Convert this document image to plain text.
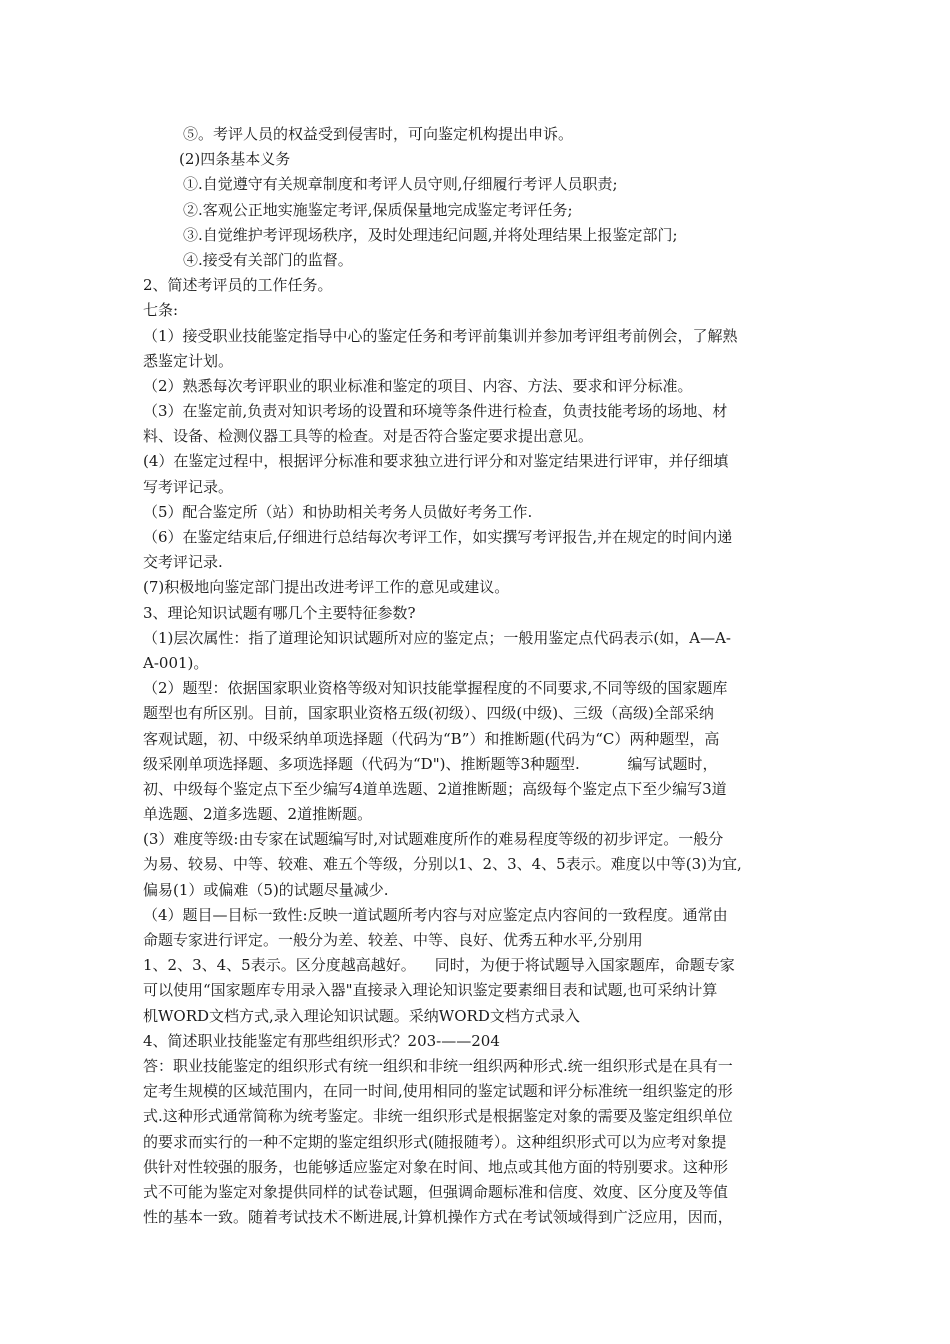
⑤。考评人员的权益受到侵害时，可向鉴定机构提出申诉。
(2)四条基本义务
①.自觉遵守有关规章制度和考评人员守则,仔细履行考评人员职责;
②.客观公正地实施鉴定考评,保质保量地完成鉴定考评任务;
③.自觉维护考评现场秩序，及时处理违纪问题,并将处理结果上报鉴定部门;
④.接受有关部门的监督。
2、简述考评员的工作任务。
七条:
（1）接受职业技能鉴定指导中心的鉴定任务和考评前集训并参加考评组考前例会，了解熟
悉鉴定计划。
（2）熟悉每次考评职业的职业标准和鉴定的项目、内容、方法、要求和评分标准。
（3）在鉴定前,负责对知识考场的设置和环境等条件进行检查，负责技能考场的场地、材
料、设备、检测仪器工具等的检查。对是否符合鉴定要求提出意见。
(4）在鉴定过程中，根据评分标准和要求独立进行评分和对鉴定结果进行评审，并仔细填
写考评记录。
（5）配合鉴定所（站）和协助相关考务人员做好考务工作.
（6）在鉴定结束后,仔细进行总结每次考评工作，如实撰写考评报告,并在规定的时间内递
交考评记录.
(7)积极地向鉴定部门提出改进考评工作的意见或建议。
3、理论知识试题有哪几个主要特征参数?
（1)层次属性：指了道理论知识试题所对应的鉴定点；一般用鉴定点代码表示(如，A—A-
A-001)。
（2）题型：依据国家职业资格等级对知识技能掌握程度的不同要求,不同等级的国家题库
题型也有所区别。目前，国家职业资格五级(初级）、四级(中级)、三级（高级)全部采纳
客观试题，初、中级采纳单项选择题（代码为“B”）和推断题(代码为“C）两种题型，高
级采刚单项选择题、多项选择题（代码为“D")、推断题等3种题型.          编写试题时，
初、中级每个鉴定点下至少编写4道单选题、2道推断题；高级每个鉴定点下至少编写3道
单选题、2道多选题、2道推断题。
(3）难度等级:由专家在试题编写时,对试题难度所作的难易程度等级的初步评定。一般分
为易、较易、中等、较难、难五个等级，分别以1、2、3、4、5表示。难度以中等(3)为宜,
偏易(1）或偏难（5)的试题尽量减少.
（4）题目—目标一致性:反映一道试题所考内容与对应鉴定点内容间的一致程度。通常由
命题专家进行评定。一般分为差、较差、中等、良好、优秀五种水平,分别用
1、2、3、4、5表示。区分度越高越好。    同时，为便于将试题导入国家题库，命题专家
可以使用“国家题库专用录入器"直接录入理论知识鉴定要素细目表和试题,也可采纳计算
机WORD文档方式,录入理论知识试题。采纳WORD文档方式录入
4、简述职业技能鉴定有那些组织形式？203-——204
答：职业技能鉴定的组织形式有统一组织和非统一组织两种形式.统一组织形式是在具有一
定考生规模的区域范围内，在同一时间,使用相同的鉴定试题和评分标准统一组织鉴定的形
式.这种形式通常简称为统考鉴定。非统一组织形式是根据鉴定对象的需要及鉴定组织单位
的要求而实行的一种不定期的鉴定组织形式(随报随考）。这种组织形式可以为应考对象提
供针对性较强的服务，也能够适应鉴定对象在时间、地点或其他方面的特别要求。这种形
式不可能为鉴定对象提供同样的试卷试题，但强调命题标准和信度、效度、区分度及等值
性的基本一致。随着考试技术不断进展,计算机操作方式在考试领域得到广泛应用，因而，
